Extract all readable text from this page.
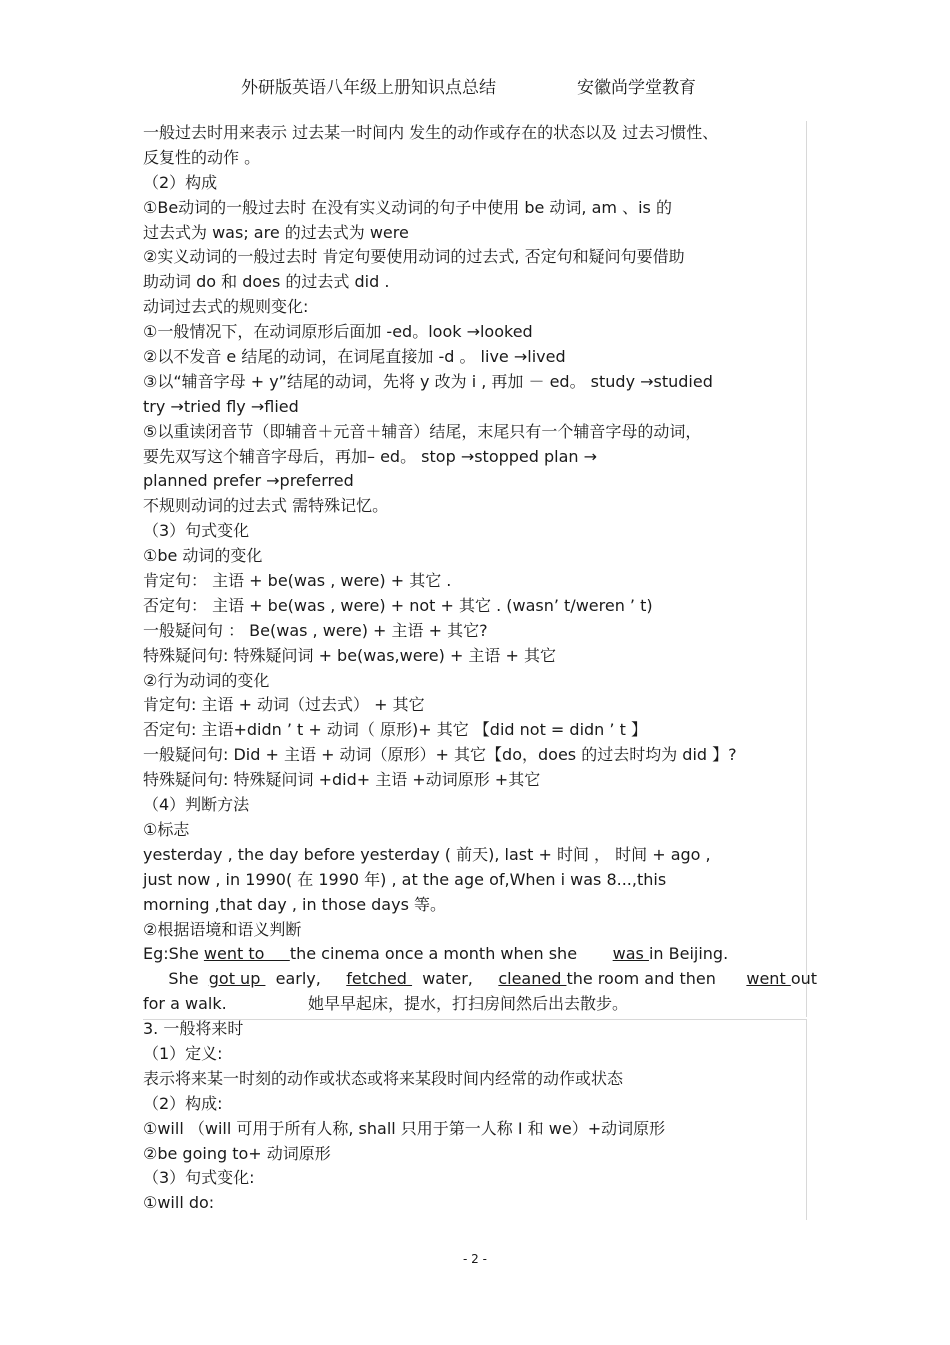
外研版英语八年级上册知识点总结	安徽尚学堂教育
一般过去时用来表示 过去某一时间内 发生的动作或存在的状态以及 过去习惯性、
反复性的动作 。
（2）构成
①Be动词的一般过去时 在没有实义动词的句子中使用 be 动词, am 、is 的
过去式为 was; are 的过去式为 were
②实义动词的一般过去时 肯定句要使用动词的过去式, 否定句和疑问句要借助
助动词 do 和 does 的过去式 did .
动词过去式的规则变化:
①一般情况下，在动词原形后面加 -ed。look →looked
②以不发音 e 结尾的动词，在词尾直接加 -d 。 live →lived
③以“辅音字母 + y”结尾的动词，先将 y 改为 i , 再加 － ed。 study →studied
try →tried fly →flied
⑤以重读闭音节（即辅音＋元音＋辅音）结尾，末尾只有一个辅音字母的动词，
要先双写这个辅音字母后，再加– ed。 stop →stopped plan →
planned prefer →preferred
不规则动词的过去式 需特殊记忆。
（3）句式变化
①be 动词的变化
肯定句： 主语 + be(was , were) + 其它 .
否定句： 主语 + be(was , were) + not + 其它 . (wasn’ t/weren ’ t)
一般疑问句 ： Be(was , were) + 主语 + 其它?
特殊疑问句: 特殊疑问词 + be(was,were) + 主语 + 其它
②行为动词的变化
肯定句: 主语 + 动词（过去式） + 其它
否定句: 主语+didn ’ t + 动词（ 原形)+ 其它 【did not = didn ’ t 】
一般疑问句: Did + 主语 + 动词（原形）+ 其它【do，does 的过去时均为 did 】?
特殊疑问句: 特殊疑问词 +did+ 主语 +动词原形 +其它
（4）判断方法
①标志
yesterday , the day before yesterday ( 前天), last + 时间 ， 时间 + ago ,
just now , in 1990( 在 1990 年) , at the age of,When i was 8...,this
morning ,that day , in those days 等。
②根据语境和语义判断
Eg:She went to     the cinema once a month when she       was in Beijing.
She  got up   early,     fetched   water,     cleaned the room and then      went out
for a walk.                她早早起床，提水，打扫房间然后出去散步。
3. 一般将来时
（1）定义:
表示将来某一时刻的动作或状态或将来某段时间内经常的动作或状态
（2）构成:
①will （will 可用于所有人称, shall 只用于第一人称 I 和 we）+动词原形
②be going to+ 动词原形
（3）句式变化:
①will do:
- 2 -
